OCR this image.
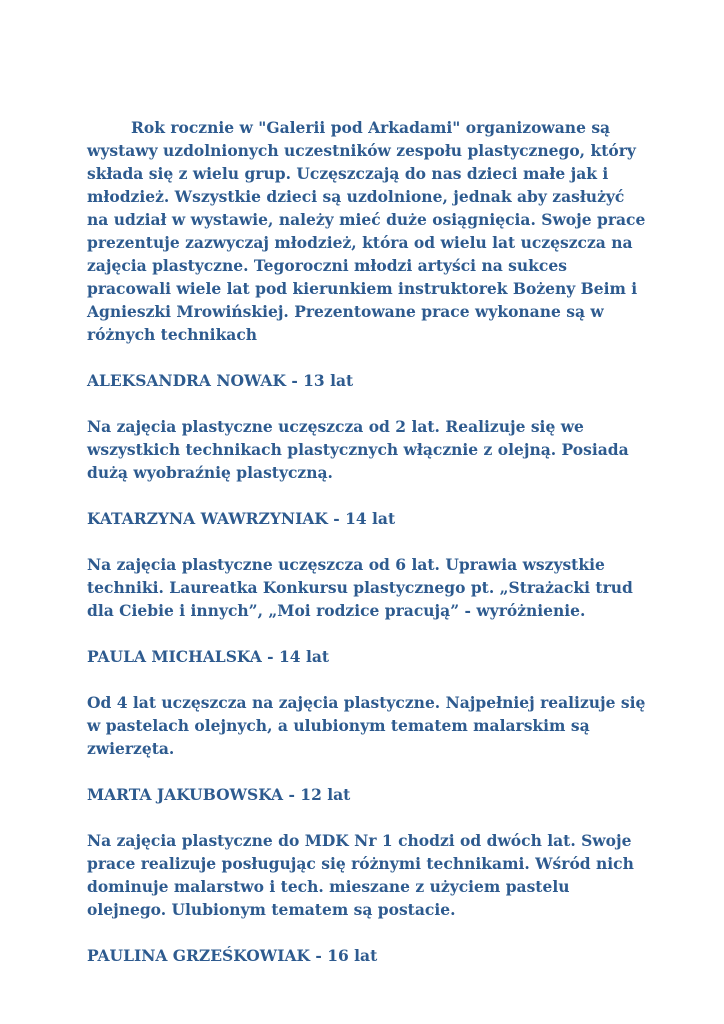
Rok rocznie w "Galerii pod Arkadami" organizowane są wystawy uzdolnionych uczestników zespołu plastycznego, który składa się z wielu grup. Uczęszczają do nas dzieci małe jak i młodzież. Wszystkie dzieci są uzdolnione, jednak aby zasłużyć na udział w wystawie, należy mieć duże osiągnięcia. Swoje prace prezentuje zazwyczaj młodzież, która od wielu lat uczęszcza na zajęcia plastyczne. Tegoroczni młodzi artyści na sukces pracowali wiele lat pod kierunkiem instruktorek Bożeny Beim i Agnieszki Mrowińskiej. Prezentowane prace wykonane są w różnych technikach

ALEKSANDRA NOWAK - 13 lat

Na zajęcia plastyczne uczęszcza od 2 lat. Realizuje się we wszystkich technikach plastycznych włącznie z olejną. Posiada dużą wyobraźnię plastyczną.

KATARZYNA WAWRZYNIAK - 14 lat

Na zajęcia plastyczne uczęszcza od 6 lat. Uprawia wszystkie techniki. Laureatka Konkursu plastycznego pt. „Strażacki trud dla Ciebie i innych”, „Moi rodzice pracują” - wyróżnienie.

PAULA MICHALSKA - 14 lat

Od 4 lat uczęszcza na zajęcia plastyczne. Najpełniej realizuje się w pastelach olejnych, a ulubionym tematem malarskim są zwierzęta.

MARTA JAKUBOWSKA - 12 lat

Na zajęcia plastyczne do MDK Nr 1 chodzi od dwóch lat. Swoje prace realizuje posługując się różnymi technikami. Wśród nich dominuje malarstwo i tech. mieszane z użyciem pastelu olejnego. Ulubionym tematem są postacie.

PAULINA GRZEŚKOWIAK - 16 lat
